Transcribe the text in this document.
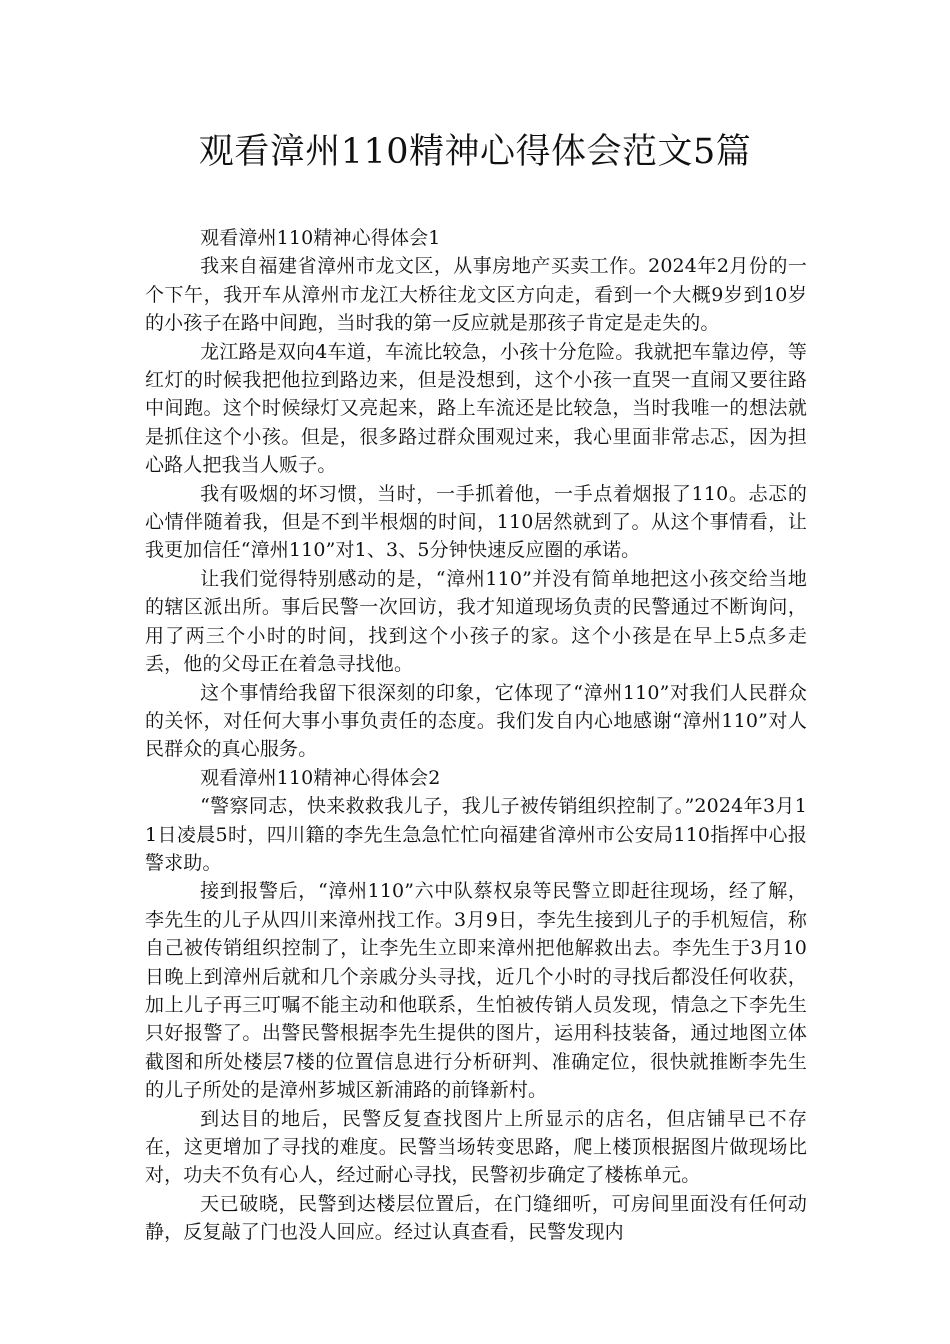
观看漳州110精神心得体会范文5篇

观看漳州110精神心得体会1

我来自福建省漳州市龙文区，从事房地产买卖工作。2024年2月份的一个下午，我开车从漳州市龙江大桥往龙文区方向走，看到一个大概9岁到10岁的小孩子在路中间跑，当时我的第一反应就是那孩子肯定是走失的。

龙江路是双向4车道，车流比较急，小孩十分危险。我就把车靠边停，等红灯的时候我把他拉到路边来，但是没想到，这个小孩一直哭一直闹又要往路中间跑。这个时候绿灯又亮起来，路上车流还是比较急，当时我唯一的想法就是抓住这个小孩。但是，很多路过群众围观过来，我心里面非常忐忑，因为担心路人把我当人贩子。

我有吸烟的坏习惯，当时，一手抓着他，一手点着烟报了110。忐忑的心情伴随着我，但是不到半根烟的时间，110居然就到了。从这个事情看，让我更加信任“漳州110”对1、3、5分钟快速反应圈的承诺。

让我们觉得特别感动的是，“漳州110”并没有简单地把这小孩交给当地的辖区派出所。事后民警一次回访，我才知道现场负责的民警通过不断询问，用了两三个小时的时间，找到这个小孩子的家。这个小孩是在早上5点多走丢，他的父母正在着急寻找他。

这个事情给我留下很深刻的印象，它体现了“漳州110”对我们人民群众的关怀，对任何大事小事负责任的态度。我们发自内心地感谢“漳州110”对人民群众的真心服务。

观看漳州110精神心得体会2

“警察同志，快来救救我儿子，我儿子被传销组织控制了。”2024年3月11日凌晨5时，四川籍的李先生急急忙忙向福建省漳州市公安局110指挥中心报警求助。

接到报警后，“漳州110”六中队蔡权泉等民警立即赶往现场，经了解，李先生的儿子从四川来漳州找工作。3月9日，李先生接到儿子的手机短信，称自己被传销组织控制了，让李先生立即来漳州把他解救出去。李先生于3月10日晚上到漳州后就和几个亲戚分头寻找，近几个小时的寻找后都没任何收获，加上儿子再三叮嘱不能主动和他联系，生怕被传销人员发现，情急之下李先生只好报警了。出警民警根据李先生提供的图片，运用科技装备，通过地图立体截图和所处楼层7楼的位置信息进行分析研判、准确定位，很快就推断李先生的儿子所处的是漳州芗城区新浦路的前锋新村。

到达目的地后，民警反复查找图片上所显示的店名，但店铺早已不存在，这更增加了寻找的难度。民警当场转变思路，爬上楼顶根据图片做现场比对，功夫不负有心人，经过耐心寻找，民警初步确定了楼栋单元。

天已破晓，民警到达楼层位置后，在门缝细听，可房间里面没有任何动静，反复敲了门也没人回应。经过认真查看，民警发现内
